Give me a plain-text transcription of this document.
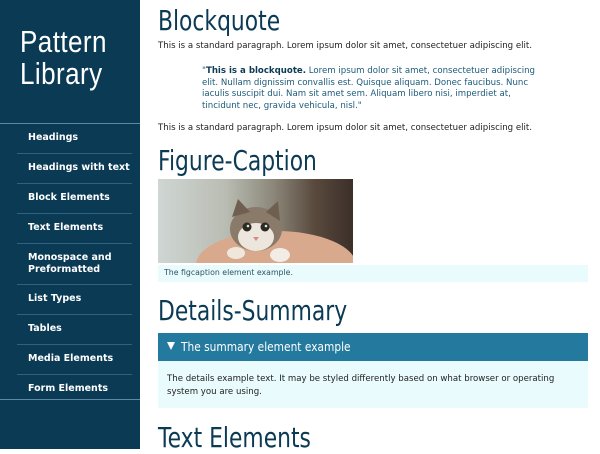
Pattern
Library
Headings
Headings with text
Block Elements
Text Elements
Monospace and
Preformatted
List Types
Tables
Media Elements
Form Elements
Blockquote
This is a standard paragraph. Lorem ipsum dolor sit amet, consectetuer adipiscing elit.
"This is a blockquote. Lorem ipsum dolor sit amet, consectetuer adipiscing elit. Nullam dignissim convallis est. Quisque aliquam. Donec faucibus. Nunc iaculis suscipit dui. Nam sit amet sem. Aliquam libero nisi, imperdiet at, tincidunt nec, gravida vehicula, nisl."
This is a standard paragraph. Lorem ipsum dolor sit amet, consectetuer adipiscing elit.
Figure-Caption
The figcaption element example.
Details-Summary
The summary element example
The details example text. It may be styled differently based on what browser or operating system you are using.
Text Elements
